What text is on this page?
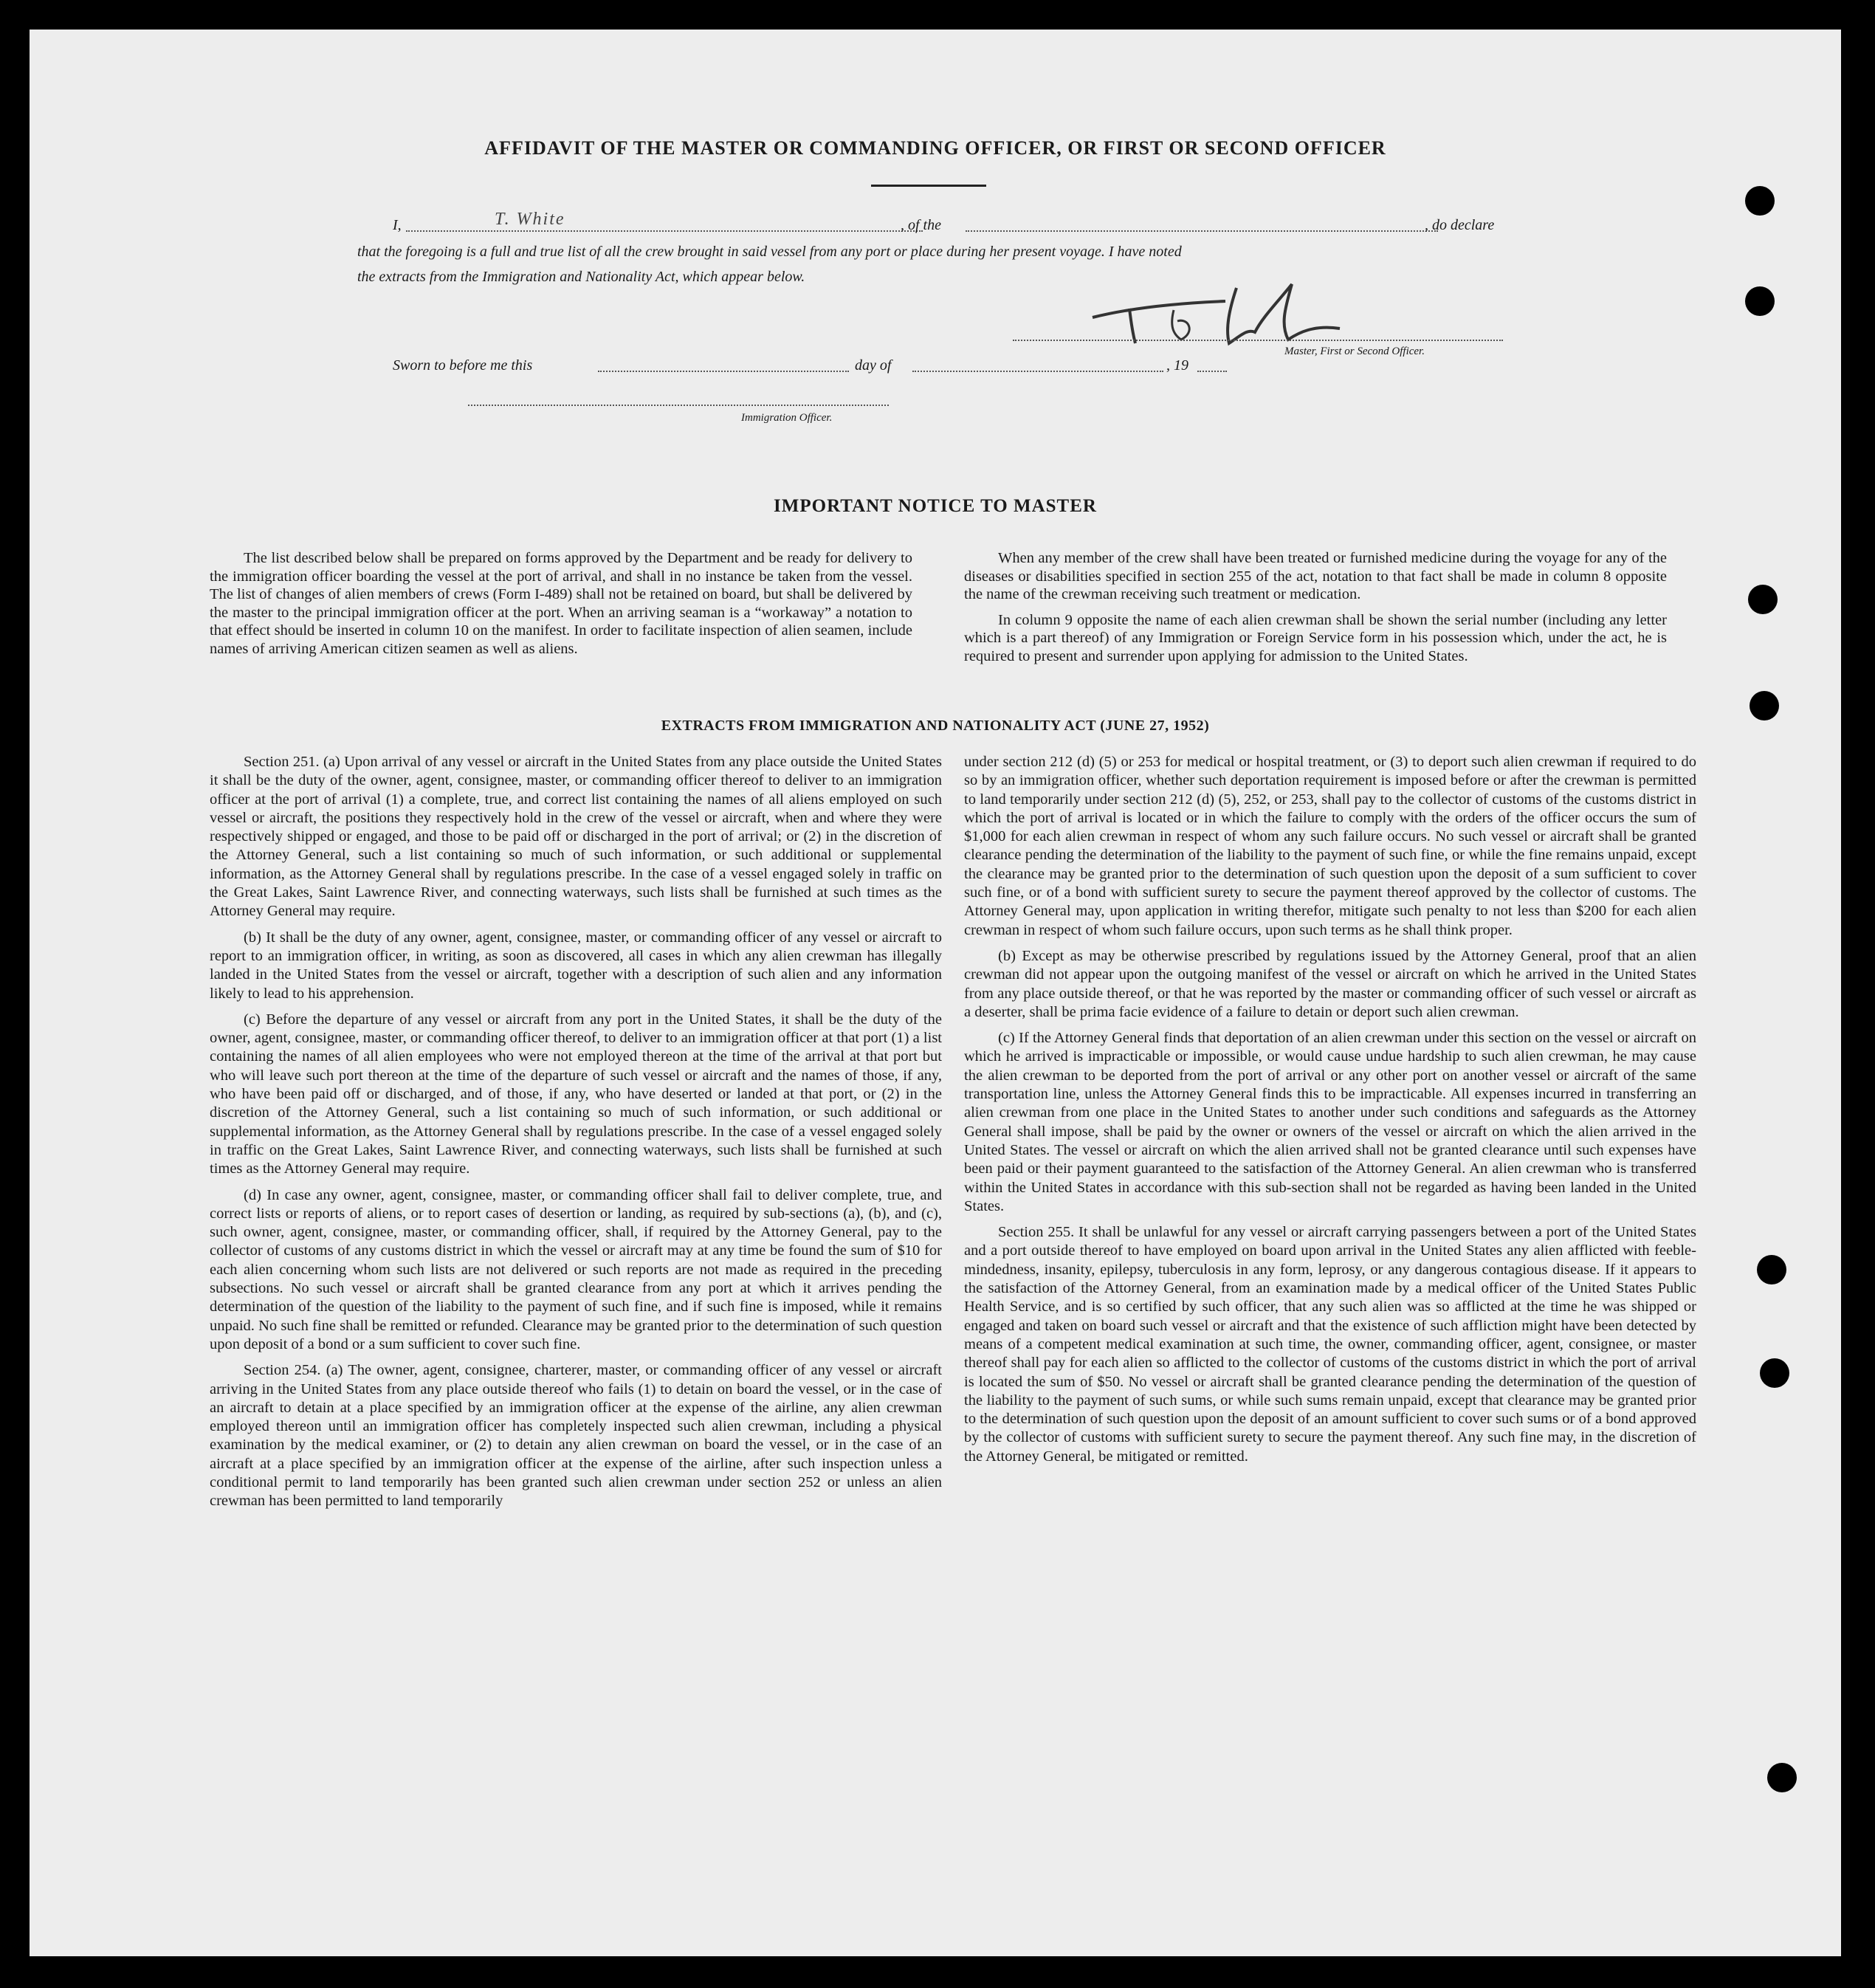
AFFIDAVIT OF THE MASTER OR COMMANDING OFFICER, OR FIRST OR SECOND OFFICER
I,	T. White	, of the	, do declare
that the foregoing is a full and true list of all the crew brought in said vessel from any port or place during her present voyage. I have noted
the extracts from the Immigration and Nationality Act, which appear below.
Master, First or Second Officer.
Sworn to before me this	day of	, 19
Immigration Officer.
IMPORTANT NOTICE TO MASTER

The list described below shall be prepared on forms approved by the Department and be ready for delivery to the immigration officer boarding the vessel at the port of arrival, and shall in no instance be taken from the vessel. The list of changes of alien members of crews (Form I-489) shall not be retained on board, but shall be delivered by the master to the principal immigration officer at the port. When an arriving seaman is a “workaway” a notation to that effect should be inserted in column 10 on the manifest. In order to facilitate inspection of alien seamen, include names of arriving American citizen seamen as well as aliens.

When any member of the crew shall have been treated or furnished medicine during the voyage for any of the diseases or disabilities specified in section 255 of the act, notation to that fact shall be made in column 8 opposite the name of the crewman receiving such treatment or medication.

In column 9 opposite the name of each alien crewman shall be shown the serial number (including any letter which is a part thereof) of any Immigration or Foreign Service form in his possession which, under the act, he is required to present and surrender upon applying for admission to the United States.

EXTRACTS FROM IMMIGRATION AND NATIONALITY ACT (JUNE 27, 1952)

Section 251. (a) Upon arrival of any vessel or aircraft in the United States from any place outside the United States it shall be the duty of the owner, agent, consignee, master, or commanding officer thereof to deliver to an immigration officer at the port of arrival (1) a complete, true, and correct list containing the names of all aliens employed on such vessel or aircraft, the positions they respectively hold in the crew of the vessel or aircraft, when and where they were respectively shipped or engaged, and those to be paid off or discharged in the port of arrival; or (2) in the discretion of the Attorney General, such a list containing so much of such information, or such additional or supplemental information, as the Attorney General shall by regulations prescribe. In the case of a vessel engaged solely in traffic on the Great Lakes, Saint Lawrence River, and connecting waterways, such lists shall be furnished at such times as the Attorney General may require.

(b) It shall be the duty of any owner, agent, consignee, master, or commanding officer of any vessel or aircraft to report to an immigration officer, in writing, as soon as discovered, all cases in which any alien crewman has illegally landed in the United States from the vessel or aircraft, together with a description of such alien and any information likely to lead to his apprehension.

(c) Before the departure of any vessel or aircraft from any port in the United States, it shall be the duty of the owner, agent, consignee, master, or commanding officer thereof, to deliver to an immigration officer at that port (1) a list containing the names of all alien employees who were not employed thereon at the time of the arrival at that port but who will leave such port thereon at the time of the departure of such vessel or aircraft and the names of those, if any, who have been paid off or discharged, and of those, if any, who have deserted or landed at that port, or (2) in the discretion of the Attorney General, such a list containing so much of such information, or such additional or supplemental information, as the Attorney General shall by regulations prescribe. In the case of a vessel engaged solely in traffic on the Great Lakes, Saint Lawrence River, and connecting waterways, such lists shall be furnished at such times as the Attorney General may require.

(d) In case any owner, agent, consignee, master, or commanding officer shall fail to deliver complete, true, and correct lists or reports of aliens, or to report cases of desertion or landing, as required by sub-sections (a), (b), and (c), such owner, agent, consignee, master, or commanding officer, shall, if required by the Attorney General, pay to the collector of customs of any customs district in which the vessel or aircraft may at any time be found the sum of $10 for each alien concerning whom such lists are not delivered or such reports are not made as required in the preceding subsections. No such vessel or aircraft shall be granted clearance from any port at which it arrives pending the determination of the question of the liability to the payment of such fine, and if such fine is imposed, while it remains unpaid. No such fine shall be remitted or refunded. Clearance may be granted prior to the determination of such question upon deposit of a bond or a sum sufficient to cover such fine.

Section 254. (a) The owner, agent, consignee, charterer, master, or commanding officer of any vessel or aircraft arriving in the United States from any place outside thereof who fails (1) to detain on board the vessel, or in the case of an aircraft to detain at a place specified by an immigration officer at the expense of the airline, any alien crewman employed thereon until an immigration officer has completely inspected such alien crewman, including a physical examination by the medical examiner, or (2) to detain any alien crewman on board the vessel, or in the case of an aircraft at a place specified by an immigration officer at the expense of the airline, after such inspection unless a conditional permit to land temporarily has been granted such alien crewman under section 252 or unless an alien crewman has been permitted to land temporarily

under section 212 (d) (5) or 253 for medical or hospital treatment, or (3) to deport such alien crewman if required to do so by an immigration officer, whether such deportation requirement is imposed before or after the crewman is permitted to land temporarily under section 212 (d) (5), 252, or 253, shall pay to the collector of customs of the customs district in which the port of arrival is located or in which the failure to comply with the orders of the officer occurs the sum of $1,000 for each alien crewman in respect of whom any such failure occurs. No such vessel or aircraft shall be granted clearance pending the determination of the liability to the payment of such fine, or while the fine remains unpaid, except the clearance may be granted prior to the determination of such question upon the deposit of a sum sufficient to cover such fine, or of a bond with sufficient surety to secure the payment thereof approved by the collector of customs. The Attorney General may, upon application in writing therefor, mitigate such penalty to not less than $200 for each alien crewman in respect of whom such failure occurs, upon such terms as he shall think proper.

(b) Except as may be otherwise prescribed by regulations issued by the Attorney General, proof that an alien crewman did not appear upon the outgoing manifest of the vessel or aircraft on which he arrived in the United States from any place outside thereof, or that he was reported by the master or commanding officer of such vessel or aircraft as a deserter, shall be prima facie evidence of a failure to detain or deport such alien crewman.

(c) If the Attorney General finds that deportation of an alien crewman under this section on the vessel or aircraft on which he arrived is impracticable or impossible, or would cause undue hardship to such alien crewman, he may cause the alien crewman to be deported from the port of arrival or any other port on another vessel or aircraft of the same transportation line, unless the Attorney General finds this to be impracticable. All expenses incurred in transferring an alien crewman from one place in the United States to another under such conditions and safeguards as the Attorney General shall impose, shall be paid by the owner or owners of the vessel or aircraft on which the alien arrived in the United States. The vessel or aircraft on which the alien arrived shall not be granted clearance until such expenses have been paid or their payment guaranteed to the satisfaction of the Attorney General. An alien crewman who is transferred within the United States in accordance with this sub-section shall not be regarded as having been landed in the United States.

Section 255. It shall be unlawful for any vessel or aircraft carrying passengers between a port of the United States and a port outside thereof to have employed on board upon arrival in the United States any alien afflicted with feeble-mindedness, insanity, epilepsy, tuberculosis in any form, leprosy, or any dangerous contagious disease. If it appears to the satisfaction of the Attorney General, from an examination made by a medical officer of the United States Public Health Service, and is so certified by such officer, that any such alien was so afflicted at the time he was shipped or engaged and taken on board such vessel or aircraft and that the existence of such affliction might have been detected by means of a competent medical examination at such time, the owner, commanding officer, agent, consignee, or master thereof shall pay for each alien so afflicted to the collector of customs of the customs district in which the port of arrival is located the sum of $50. No vessel or aircraft shall be granted clearance pending the determination of the question of the liability to the payment of such sums, or while such sums remain unpaid, except that clearance may be granted prior to the determination of such question upon the deposit of an amount sufficient to cover such sums or of a bond approved by the collector of customs with sufficient surety to secure the payment thereof. Any such fine may, in the discretion of the Attorney General, be mitigated or remitted.
